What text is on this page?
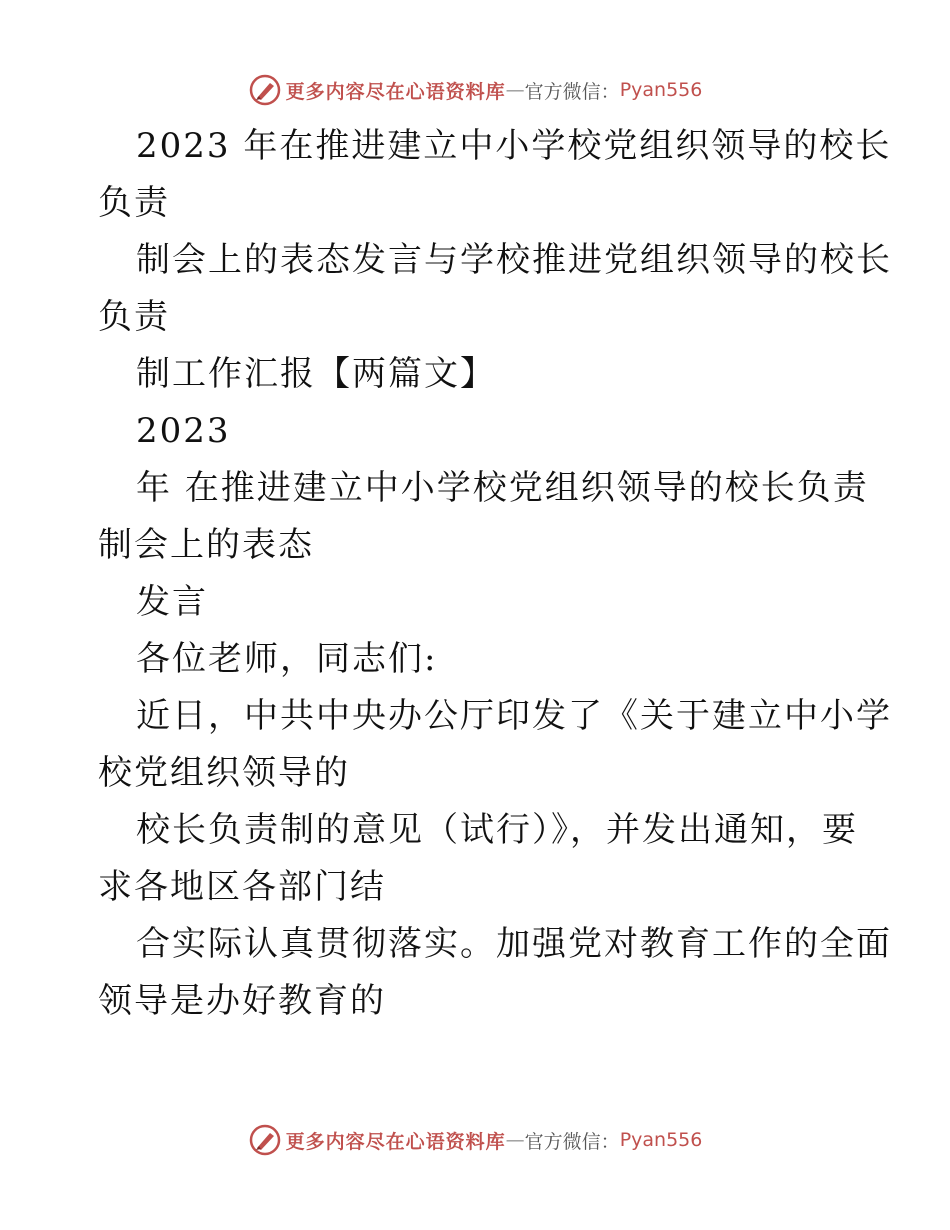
更多内容尽在心语资料库 — 官方微信： Pyan556
2023 年在推进建立中小学校党组织领导的校长
负责
制会上的表态发言与学校推进党组织领导的校长
负责
制工作汇报【两篇文】
2023
年 在推进建立中小学校党组织领导的校长负责
制会上的表态
发言
各位老师，同志们:
近日，中共中央办公厅印发了《关于建立中小学
校党组织领导的
校长负责制的意见（试行）》，并发出通知，要
求各地区各部门结
合实际认真贯彻落实。加强党对教育工作的全面
领导是办好教育的
更多内容尽在心语资料库 — 官方微信： Pyan556
